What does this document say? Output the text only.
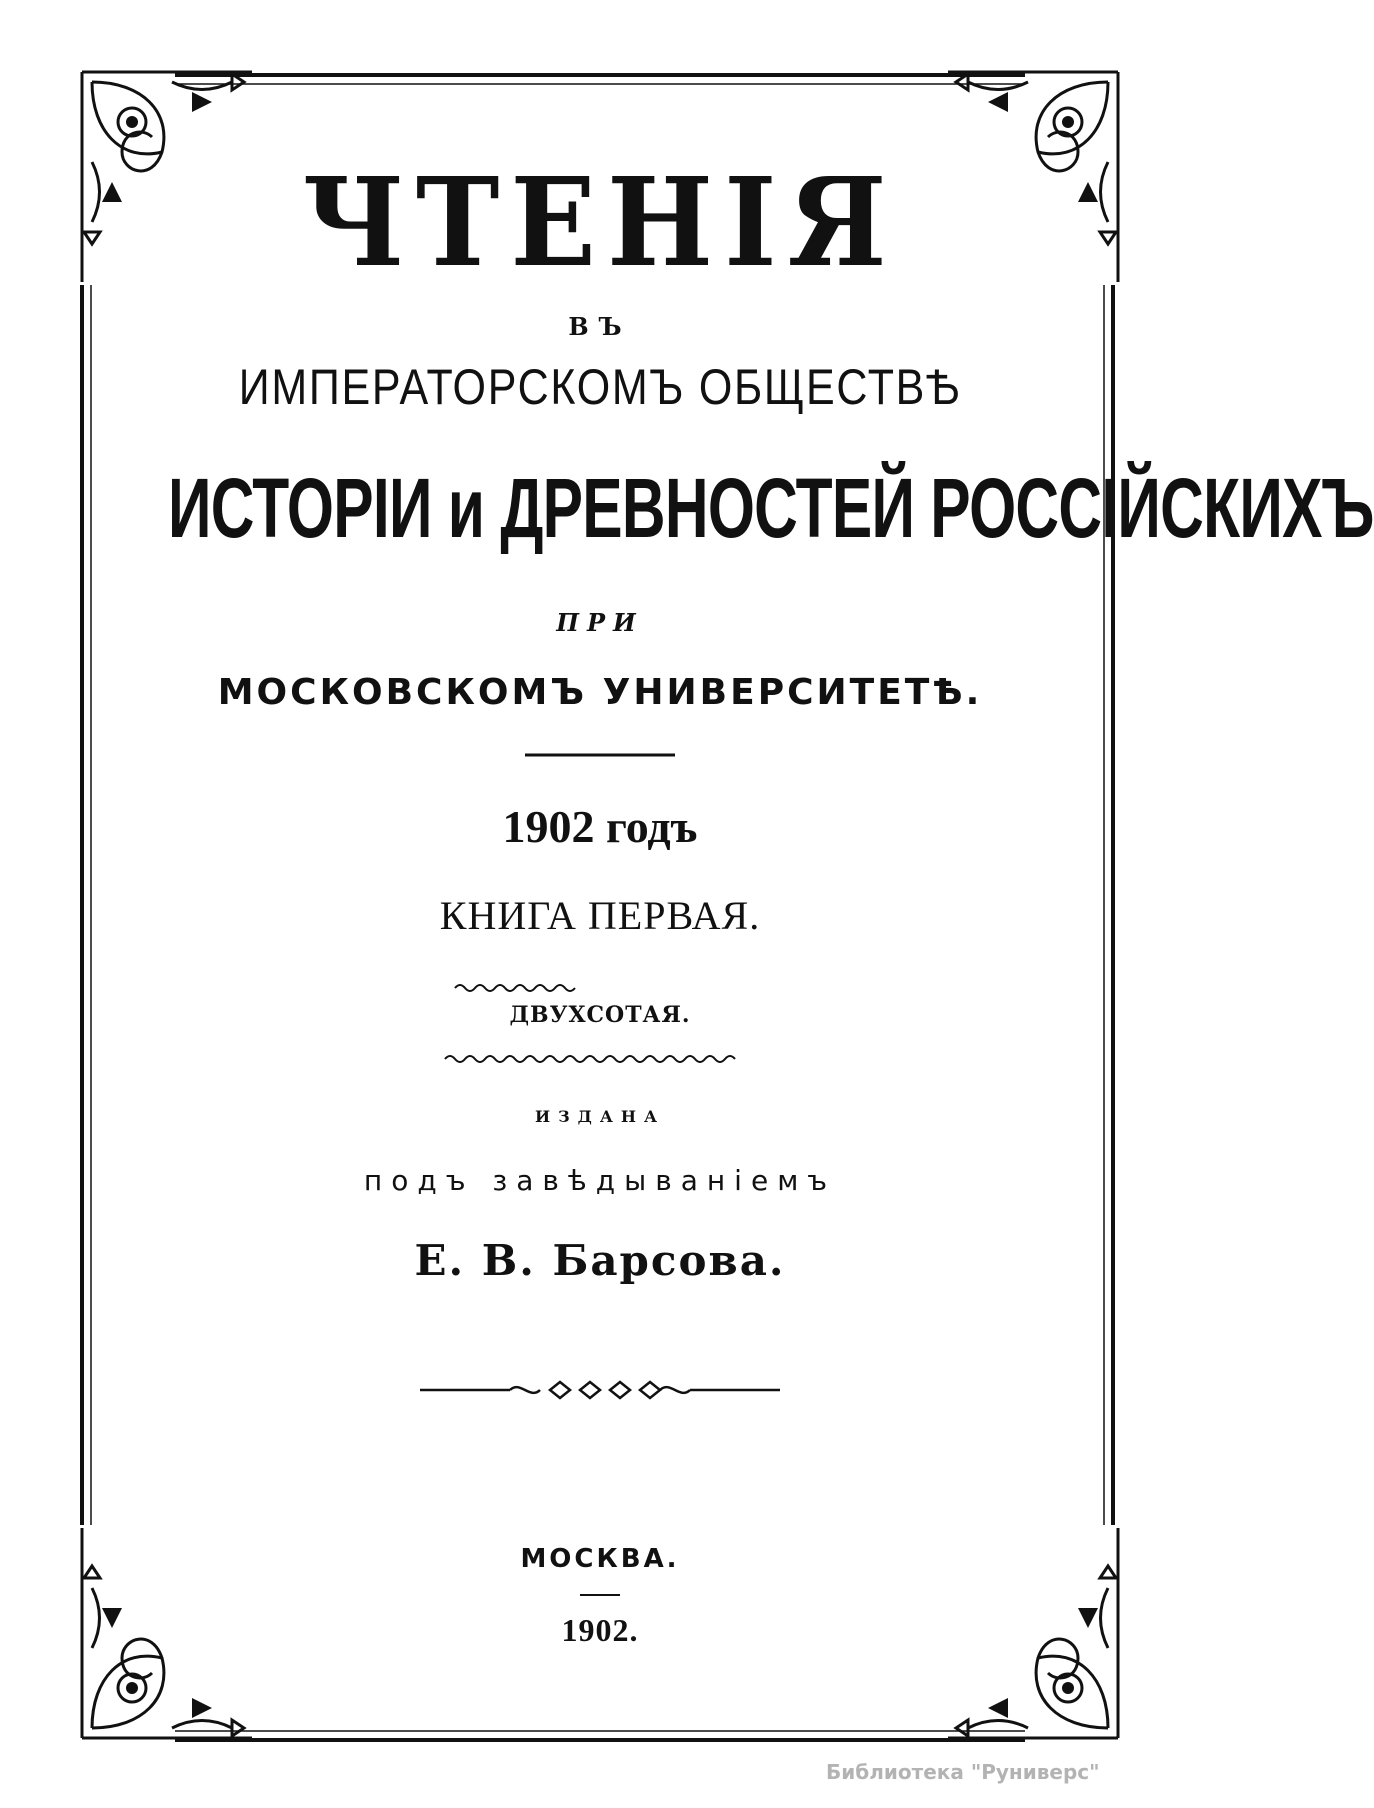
ЧТЕНІЯ
ВЪ
ИМПЕРАТОРСКОМЪ ОБЩЕСТВѢ
ИСТОРІИ и ДРЕВНОСТЕЙ РОССІЙСКИХЪ
ПРИ
МОСКОВСКОМЪ УНИВЕРСИТЕТѢ.
1902 годъ
КНИГА ПЕРВАЯ.
ДВУХСОТАЯ.
ИЗДАНА
подъ завѣдываніемъ
Е. В. Барсова.
МОСКВА.
1902.
Библиотека "Руниверс"
